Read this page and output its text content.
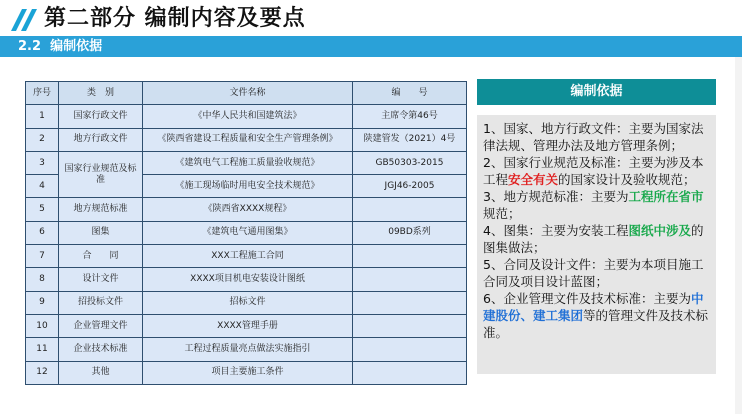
第二部分 编制内容及要点
2.2 编制依据
序号	类　别	文件名称	编　　号
1	国家行政文件	《中华人民共和国建筑法》	主席令第46号
2	地方行政文件	《陕西省建设工程质量和安全生产管理条例》	陕建管发（2021）4号
3	国家行业规范及标准	《建筑电气工程施工质量验收规范》	GB50303-2015
4		《施工现场临时用电安全技术规范》	JGJ46-2005
5	地方规范标准	《陕西省XXXX规程》	
6	图集	《建筑电气通用图集》	09BD系列
7	合　　同	XXX工程施工合同	
8	设计文件	XXXX项目机电安装设计图纸	
9	招投标文件	招标文件	
10	企业管理文件	XXXX管理手册	
11	企业技术标准	工程过程质量亮点做法实施指引	
12	其他	项目主要施工条件	
编制依据

1、国家、地方行政文件：主要为国家法律法规、管理办法及地方管理条例；

2、国家行业规范及标准：主要为涉及本工程安全有关的国家设计及验收规范；

3、地方规范标准：主要为工程所在省市规范；

4、图集：主要为安装工程图纸中涉及的图集做法；

5、合同及设计文件：主要为本项目施工合同及项目设计蓝图；

6、企业管理文件及技术标准：主要为中建股份、建工集团等的管理文件及技术标准。
